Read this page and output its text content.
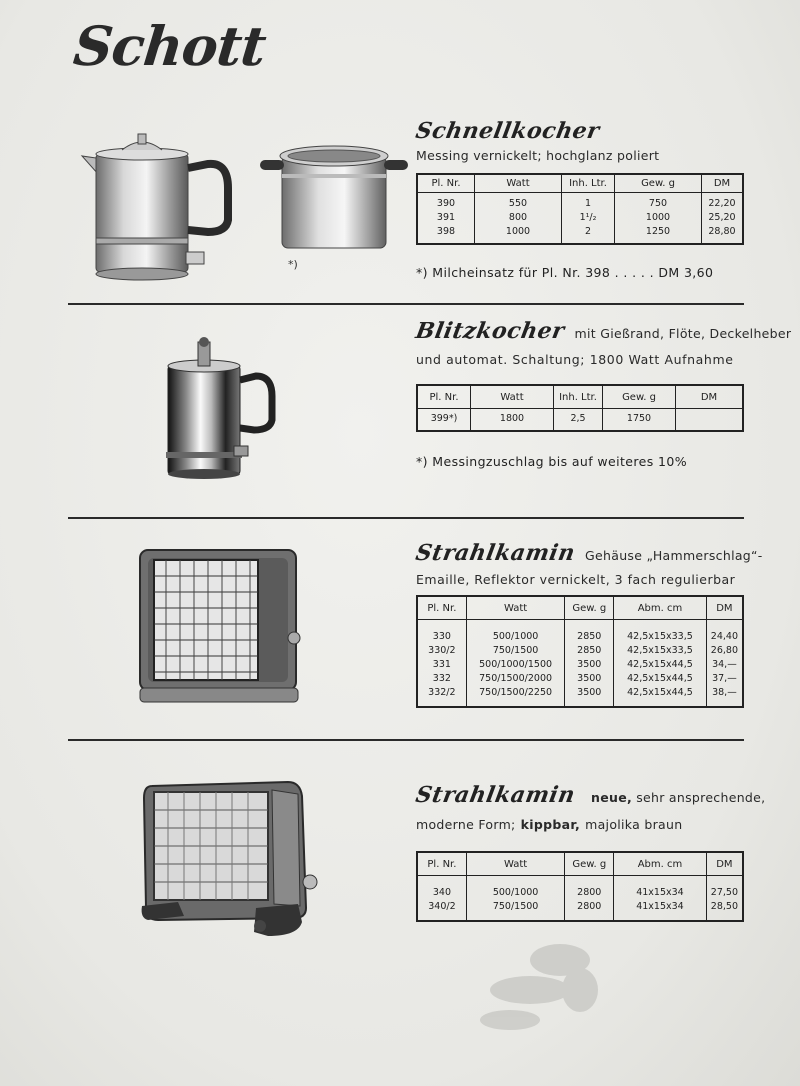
Schott
*)
Schnellkocher
Messing vernickelt; hochglanz poliert
Pl. Nr.	Watt	Inh. Ltr.	Gew. g	DM
390	550	1	750	22,20
391	800	1¹/₂	1000	25,20
398	1000	2	1250	28,80
*) Milcheinsatz für Pl. Nr. 398 . . . . . DM 3,60
Blitzkocher mit Gießrand, Flöte, Deckelheber
und automat. Schaltung; 1800 Watt Aufnahme
Pl. Nr.	Watt	Inh. Ltr.	Gew. g	DM
399*)	1800	2,5	1750	
*) Messingzuschlag bis auf weiteres 10%
Strahlkamin Gehäuse „Hammerschlag“-
Emaille, Reflektor vernickelt, 3 fach regulierbar
Pl. Nr.	Watt	Gew. g	Abm. cm	DM
330	500/1000	2850	42,5x15x33,5	24,40
330/2	750/1500	2850	42,5x15x33,5	26,80
331	500/1000/1500	3500	42,5x15x44,5	34,—
332	750/1500/2000	3500	42,5x15x44,5	37,—
332/2	750/1500/2250	3500	42,5x15x44,5	38,—
Strahlkamin neue, sehr ansprechende,
moderne Form; kippbar, majolika braun
Pl. Nr.	Watt	Gew. g	Abm. cm	DM
340	500/1000	2800	41x15x34	27,50
340/2	750/1500	2800	41x15x34	28,50
